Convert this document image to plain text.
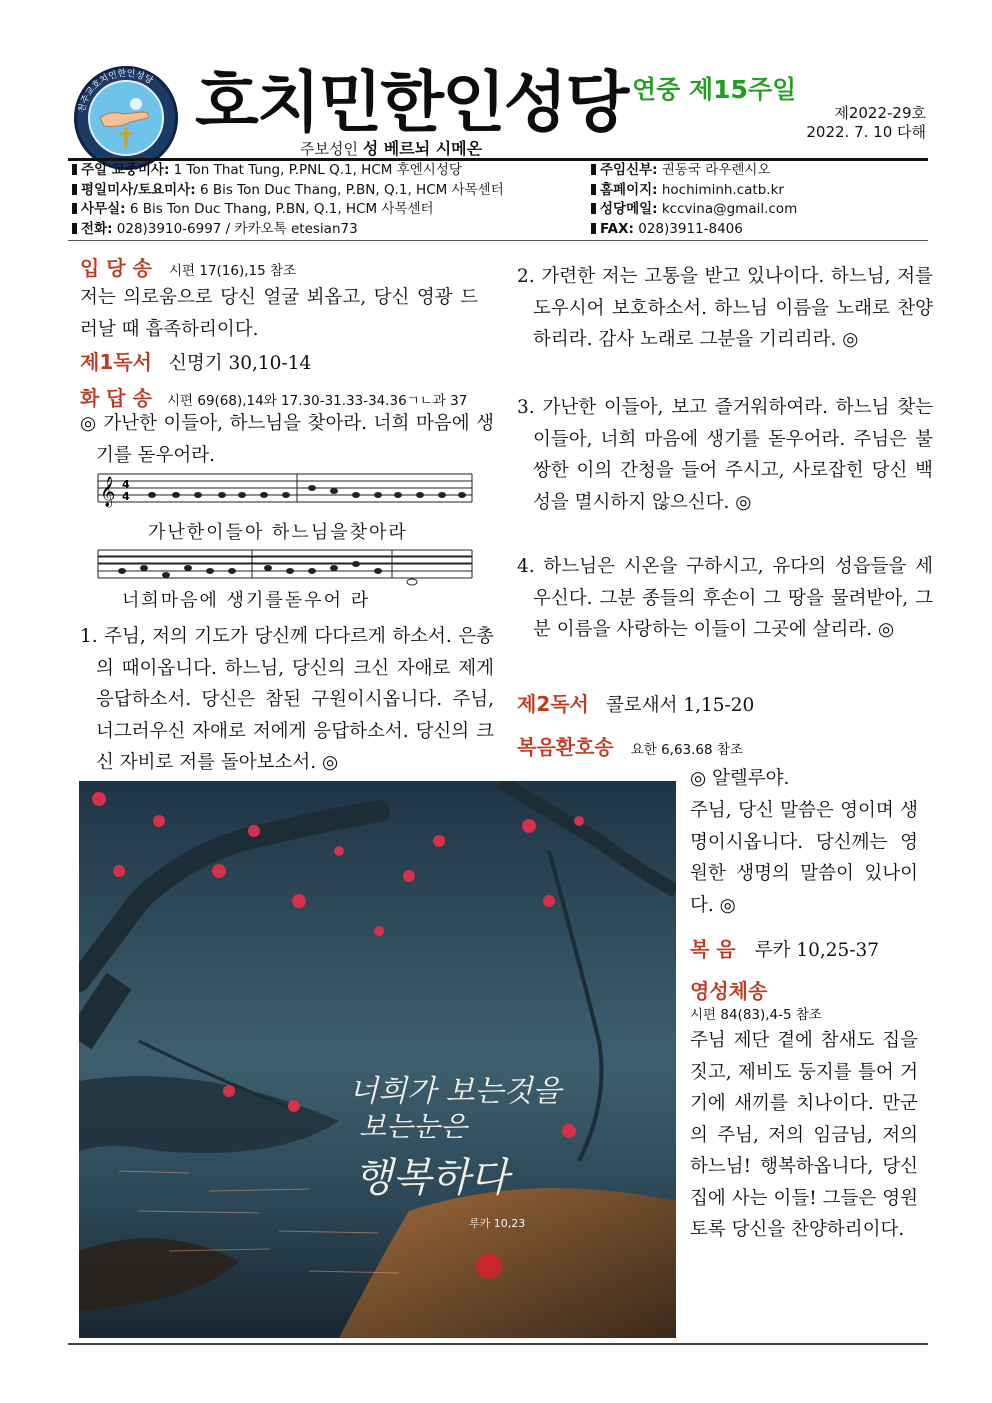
천주교호치민한인성당 호치민한인성당 연중 제15주일
제2022-29호
2022. 7. 10 다해
주보성인 성 베르뇌 시메온
주일 교중미사: 1 Ton That Tung, P.PNL Q.1, HCM 후엔시성당
평일미사/토요미사: 6 Bis Ton Duc Thang, P.BN, Q.1, HCM 사목센터
사무실: 6 Bis Ton Duc Thang, P.BN, Q.1, HCM 사목센터
전화: 028)3910-6997 / 카카오톡 etesian73
주임신부: 권동국 라우렌시오
홈페이지: hochiminh.catb.kr
성당메일: kccvina@gmail.com
FAX: 028)3911-8406
입 당 송 시편 17(16),15 참조
저는 의로움으로 당신 얼굴 뵈옵고, 당신 영광 드러날 때 흡족하리이다.
제1독서 신명기 30,10-14
화 답 송 시편 69(68),14와 17.30-31.33-34.36ㄱㄴ과 37
◎ 가난한 이들아, 하느님을 찾아라. 너희 마음에 생기를 돋우어라.
𝄞 4
4
가난한이들아 하느님을찾아라
너희마음에 생기를돋우어 라
1. 주님, 저의 기도가 당신께 다다르게 하소서. 은총의 때이옵니다. 하느님, 당신의 크신 자애로 제게 응답하소서. 당신은 참된 구원이시옵니다. 주님, 너그러우신 자애로 저에게 응답하소서. 당신의 크신 자비로 저를 돌아보소서. ◎
2. 가련한 저는 고통을 받고 있나이다. 하느님, 저를 도우시어 보호하소서. 하느님 이름을 노래로 찬양하리라. 감사 노래로 그분을 기리리라. ◎
3. 가난한 이들아, 보고 즐거워하여라. 하느님 찾는 이들아, 너희 마음에 생기를 돋우어라. 주님은 불쌍한 이의 간청을 들어 주시고, 사로잡힌 당신 백성을 멸시하지 않으신다. ◎
4. 하느님은 시온을 구하시고, 유다의 성읍들을 세우신다. 그분 종들의 후손이 그 땅을 물려받아, 그분 이름을 사랑하는 이들이 그곳에 살리라. ◎
제2독서 콜로새서 1,15-20
복음환호송 요한 6,63.68 참조
◎ 알렐루야.
주님, 당신 말씀은 영이며 생명이시옵니다. 당신께는 영원한 생명의 말씀이 있나이다. ◎
복 음 루카 10,25-37
영성체송
시편 84(83),4-5 참조
주님 제단 곁에 참새도 집을 짓고, 제비도 둥지를 틀어 거기에 새끼를 치나이다. 만군의 주님, 저의 임금님, 저의 하느님! 행복하옵니다, 당신 집에 사는 이들! 그들은 영원토록 당신을 찬양하리이다.
너희가 보는것을
보는눈은
행복하다
루카 10,23
